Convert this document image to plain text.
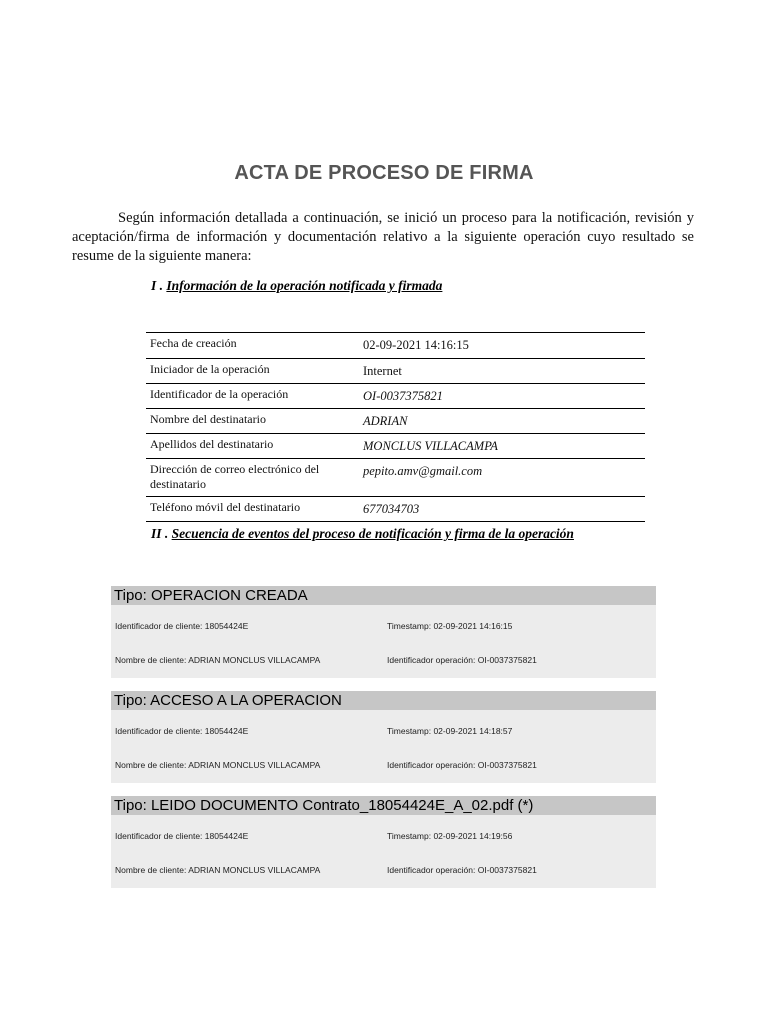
ACTA DE PROCESO DE FIRMA
Según información detallada a continuación, se inició un proceso para la notificación, revisión y aceptación/firma de información y documentación relativo a la siguiente operación cuyo resultado se resume de la siguiente manera:
I . Información de la operación notificada y firmada
Fecha de creación	02-09-2021 14:16:15
Iniciador de la operación	Internet
Identificador de la operación	OI-0037375821
Nombre del destinatario	ADRIAN
Apellidos del destinatario	MONCLUS VILLACAMPA
Dirección de correo electrónico del destinatario	pepito.amv@gmail.com
Teléfono móvil del destinatario	677034703
II . Secuencia de eventos del proceso de notificación y firma de la operación
Tipo: OPERACION CREADA
Identificador de cliente: 18054424E	Timestamp: 02-09-2021 14:16:15
Nombre de cliente: ADRIAN MONCLUS VILLACAMPA	Identificador operación: OI-0037375821
Tipo: ACCESO A LA OPERACION
Identificador de cliente: 18054424E	Timestamp: 02-09-2021 14:18:57
Nombre de cliente: ADRIAN MONCLUS VILLACAMPA	Identificador operación: OI-0037375821
Tipo: LEIDO DOCUMENTO Contrato_18054424E_A_02.pdf (*)
Identificador de cliente: 18054424E	Timestamp: 02-09-2021 14:19:56
Nombre de cliente: ADRIAN MONCLUS VILLACAMPA	Identificador operación: OI-0037375821
